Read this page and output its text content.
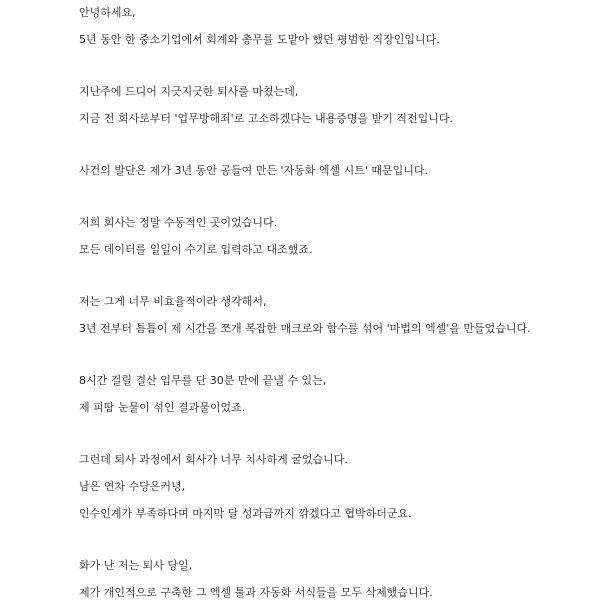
안녕하세요,
5년 동안 한 중소기업에서 회계와 총무를 도맡아 했던 평범한 직장인입니다.
지난주에 드디어 지긋지긋한 퇴사를 마쳤는데,
지금 전 회사로부터 '업무방해죄'로 고소하겠다는 내용증명을 받기 직전입니다.
사건의 발단은 제가 3년 동안 공들여 만든 '자동화 엑셀 시트' 때문입니다.
저희 회사는 정말 수동적인 곳이었습니다.
모든 데이터를 일일이 수기로 입력하고 대조했죠.
저는 그게 너무 비효율적이라 생각해서,
3년 전부터 틈틈이 제 시간을 쪼개 복잡한 매크로와 함수를 섞어 '마법의 엑셀'을 만들었습니다.
8시간 걸릴 결산 업무를 단 30분 만에 끝낼 수 있는,
제 피땀 눈물이 섞인 결과물이었죠.
그런데 퇴사 과정에서 회사가 너무 치사하게 굴었습니다.
남은 연차 수당은커녕,
인수인계가 부족하다며 마지막 달 성과급까지 깎겠다고 협박하더군요.
화가 난 저는 퇴사 당일,
제가 개인적으로 구축한 그 엑셀 툴과 자동화 서식들을 모두 삭제했습니다.
